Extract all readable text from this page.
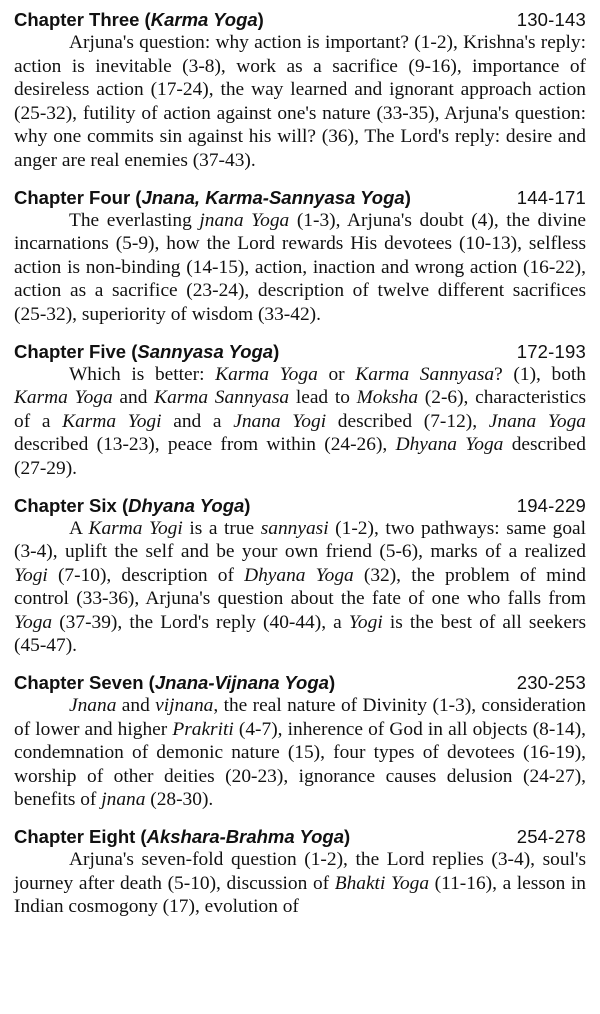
Chapter Three (Karma Yoga)	130-143

Arjuna's question: why action is important? (1-2), Krishna's reply: action is inevitable (3-8), work as a sacrifice (9-16), importance of desireless action (17-24), the way learned and ignorant approach action (25-32), futility of action against one's nature (33-35), Arjuna's question: why one commits sin against his will? (36), The Lord's reply: desire and anger are real enemies (37-43).

Chapter Four (Jnana, Karma-Sannyasa Yoga)	144-171

The everlasting jnana Yoga (1-3), Arjuna's doubt (4), the divine incarnations (5-9), how the Lord rewards His devotees (10-13), selfless action is non-binding (14-15), action, inaction and wrong action (16-22), action as a sacrifice (23-24), description of twelve different sacrifices (25-32), superiority of wisdom (33-42).

Chapter Five (Sannyasa Yoga)	172-193

Which is better: Karma Yoga or Karma Sannyasa? (1), both Karma Yoga and Karma Sannyasa lead to Moksha (2-6), characteristics of a Karma Yogi and a Jnana Yogi described (7-12), Jnana Yoga described (13-23), peace from within (24-26), Dhyana Yoga described (27-29).

Chapter Six (Dhyana Yoga)	194-229

A Karma Yogi is a true sannyasi (1-2), two pathways: same goal (3-4), uplift the self and be your own friend (5-6), marks of a realized Yogi (7-10), description of Dhyana Yoga (32), the problem of mind control (33-36), Arjuna's question about the fate of one who falls from Yoga (37-39), the Lord's reply (40-44), a Yogi is the best of all seekers (45-47).

Chapter Seven (Jnana-Vijnana Yoga)	230-253

Jnana and vijnana, the real nature of Divinity (1-3), consideration of lower and higher Prakriti (4-7), inherence of God in all objects (8-14), condemnation of demonic nature (15), four types of devotees (16-19), worship of other deities (20-23), ignorance causes delusion (24-27), benefits of jnana (28-30).

Chapter Eight (Akshara-Brahma Yoga)	254-278

Arjuna's seven-fold question (1-2), the Lord replies (3-4), soul's journey after death (5-10), discussion of Bhakti Yoga (11-16), a lesson in Indian cosmogony (17), evolution of
